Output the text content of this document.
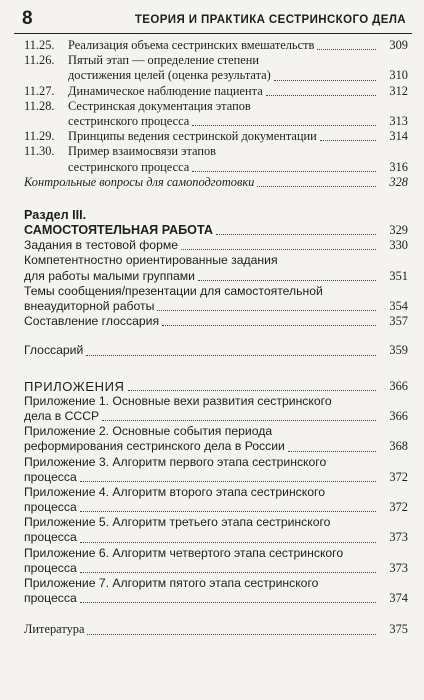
8	ТЕОРИЯ И ПРАКТИКА СЕСТРИНСКОГО ДЕЛА
11.25. Реализация объема сестринских вмешательств	309
11.26. Пятый этап — определение степени
достижения целей (оценка результата)	310
11.27. Динамическое наблюдение пациента	312
11.28. Сестринская документация этапов
сестринского процесса	313
11.29. Принципы ведения сестринской документации	314
11.30. Пример взаимосвязи этапов
сестринского процесса	316
Контрольные вопросы для самоподготовки	328
Раздел III.
САМОСТОЯТЕЛЬНАЯ РАБОТА	329
Задания в тестовой форме	330
Компетентностно ориентированные задания
для работы малыми группами	351
Темы сообщения/презентации для самостоятельной
внеаудиторной работы	354
Составление глоссария	357
Глоссарий	359
ПРИЛОЖЕНИЯ	366
Приложение 1. Основные вехи развития сестринского
дела в СССР	366
Приложение 2. Основные события периода
реформирования сестринского дела в России	368
Приложение 3. Алгоритм первого этапа сестринского
процесса	372
Приложение 4. Алгоритм второго этапа сестринского
процесса	372
Приложение 5. Алгоритм третьего этапа сестринского
процесса	373
Приложение 6. Алгоритм четвертого этапа сестринского
процесса	373
Приложение 7. Алгоритм пятого этапа сестринского
процесса	374
Литература	375
